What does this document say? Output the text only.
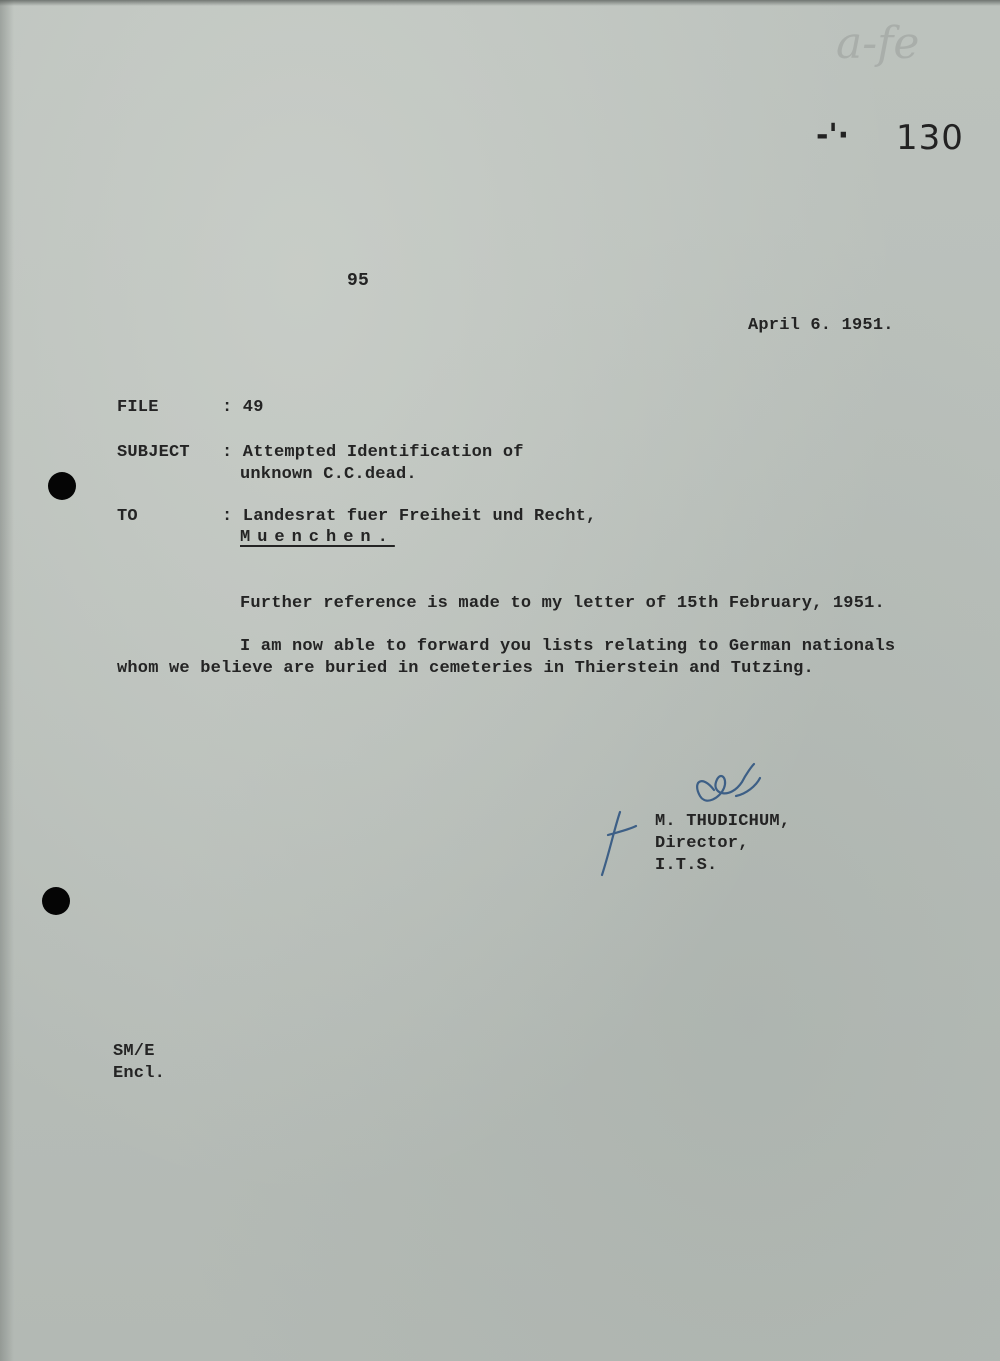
a-fe
-'· 130
95
April 6. 1951.
FILE	: 49
SUBJECT : Attempted Identification of
unknown C.C.dead.
TO	: Landesrat fuer Freiheit und Recht,
Muenchen.
Further reference is made to my letter of 15th February, 1951.
I am now able to forward you lists relating to German nationals
whom we believe are buried in cemeteries in Thierstein and Tutzing.
M. THUDICHUM,
Director,
I.T.S.
SM/E
Encl.
